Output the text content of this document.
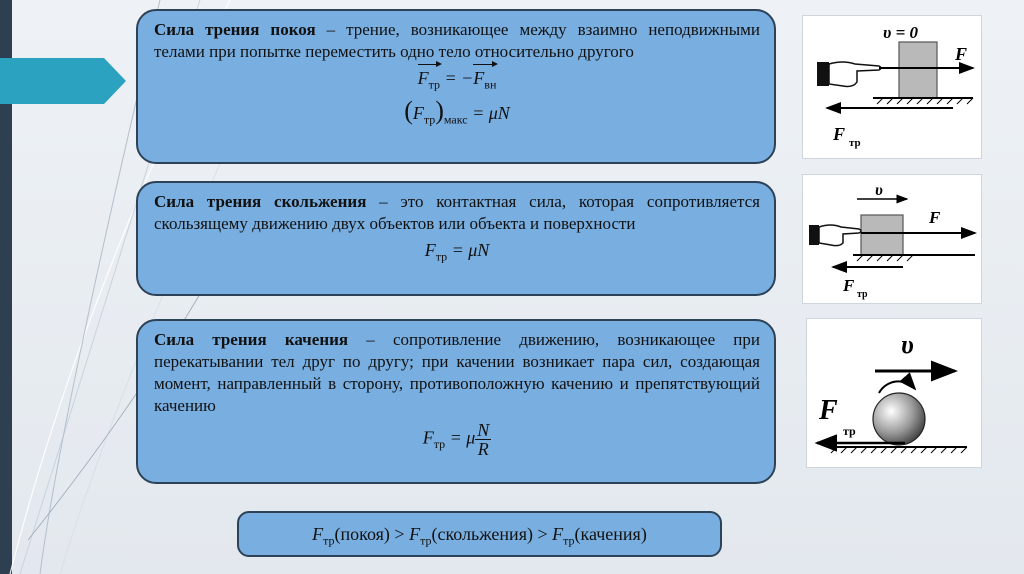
Сила трения покоя – трение, возникающее между взаимно неподвижными телами при попытке переместить одно тело относительно другого

$F_{тр} = -F_{вн}$
$(F_{тр})_{макс} = \mu N$

Сила трения скольжения – это контактная сила, которая сопротивляется скользящему движению двух объектов или объекта и поверхности

$F_{тр} = \mu N$

Сила трения качения – сопротивление движению, возникающее при перекатывании тел друг по другу; при качении возникает пара сил, создающая момент, направленный в сторону, противоположную качению и препятствующий качению

$F_{тр} = \mu \frac{N}{R}$
$F_{тр}(покоя)$ > $F_{тр}(скольжения)$ > $F_{тр}(качения)$
υ = 0
F
F тр
υ
F
F тр
υ
F
тр
